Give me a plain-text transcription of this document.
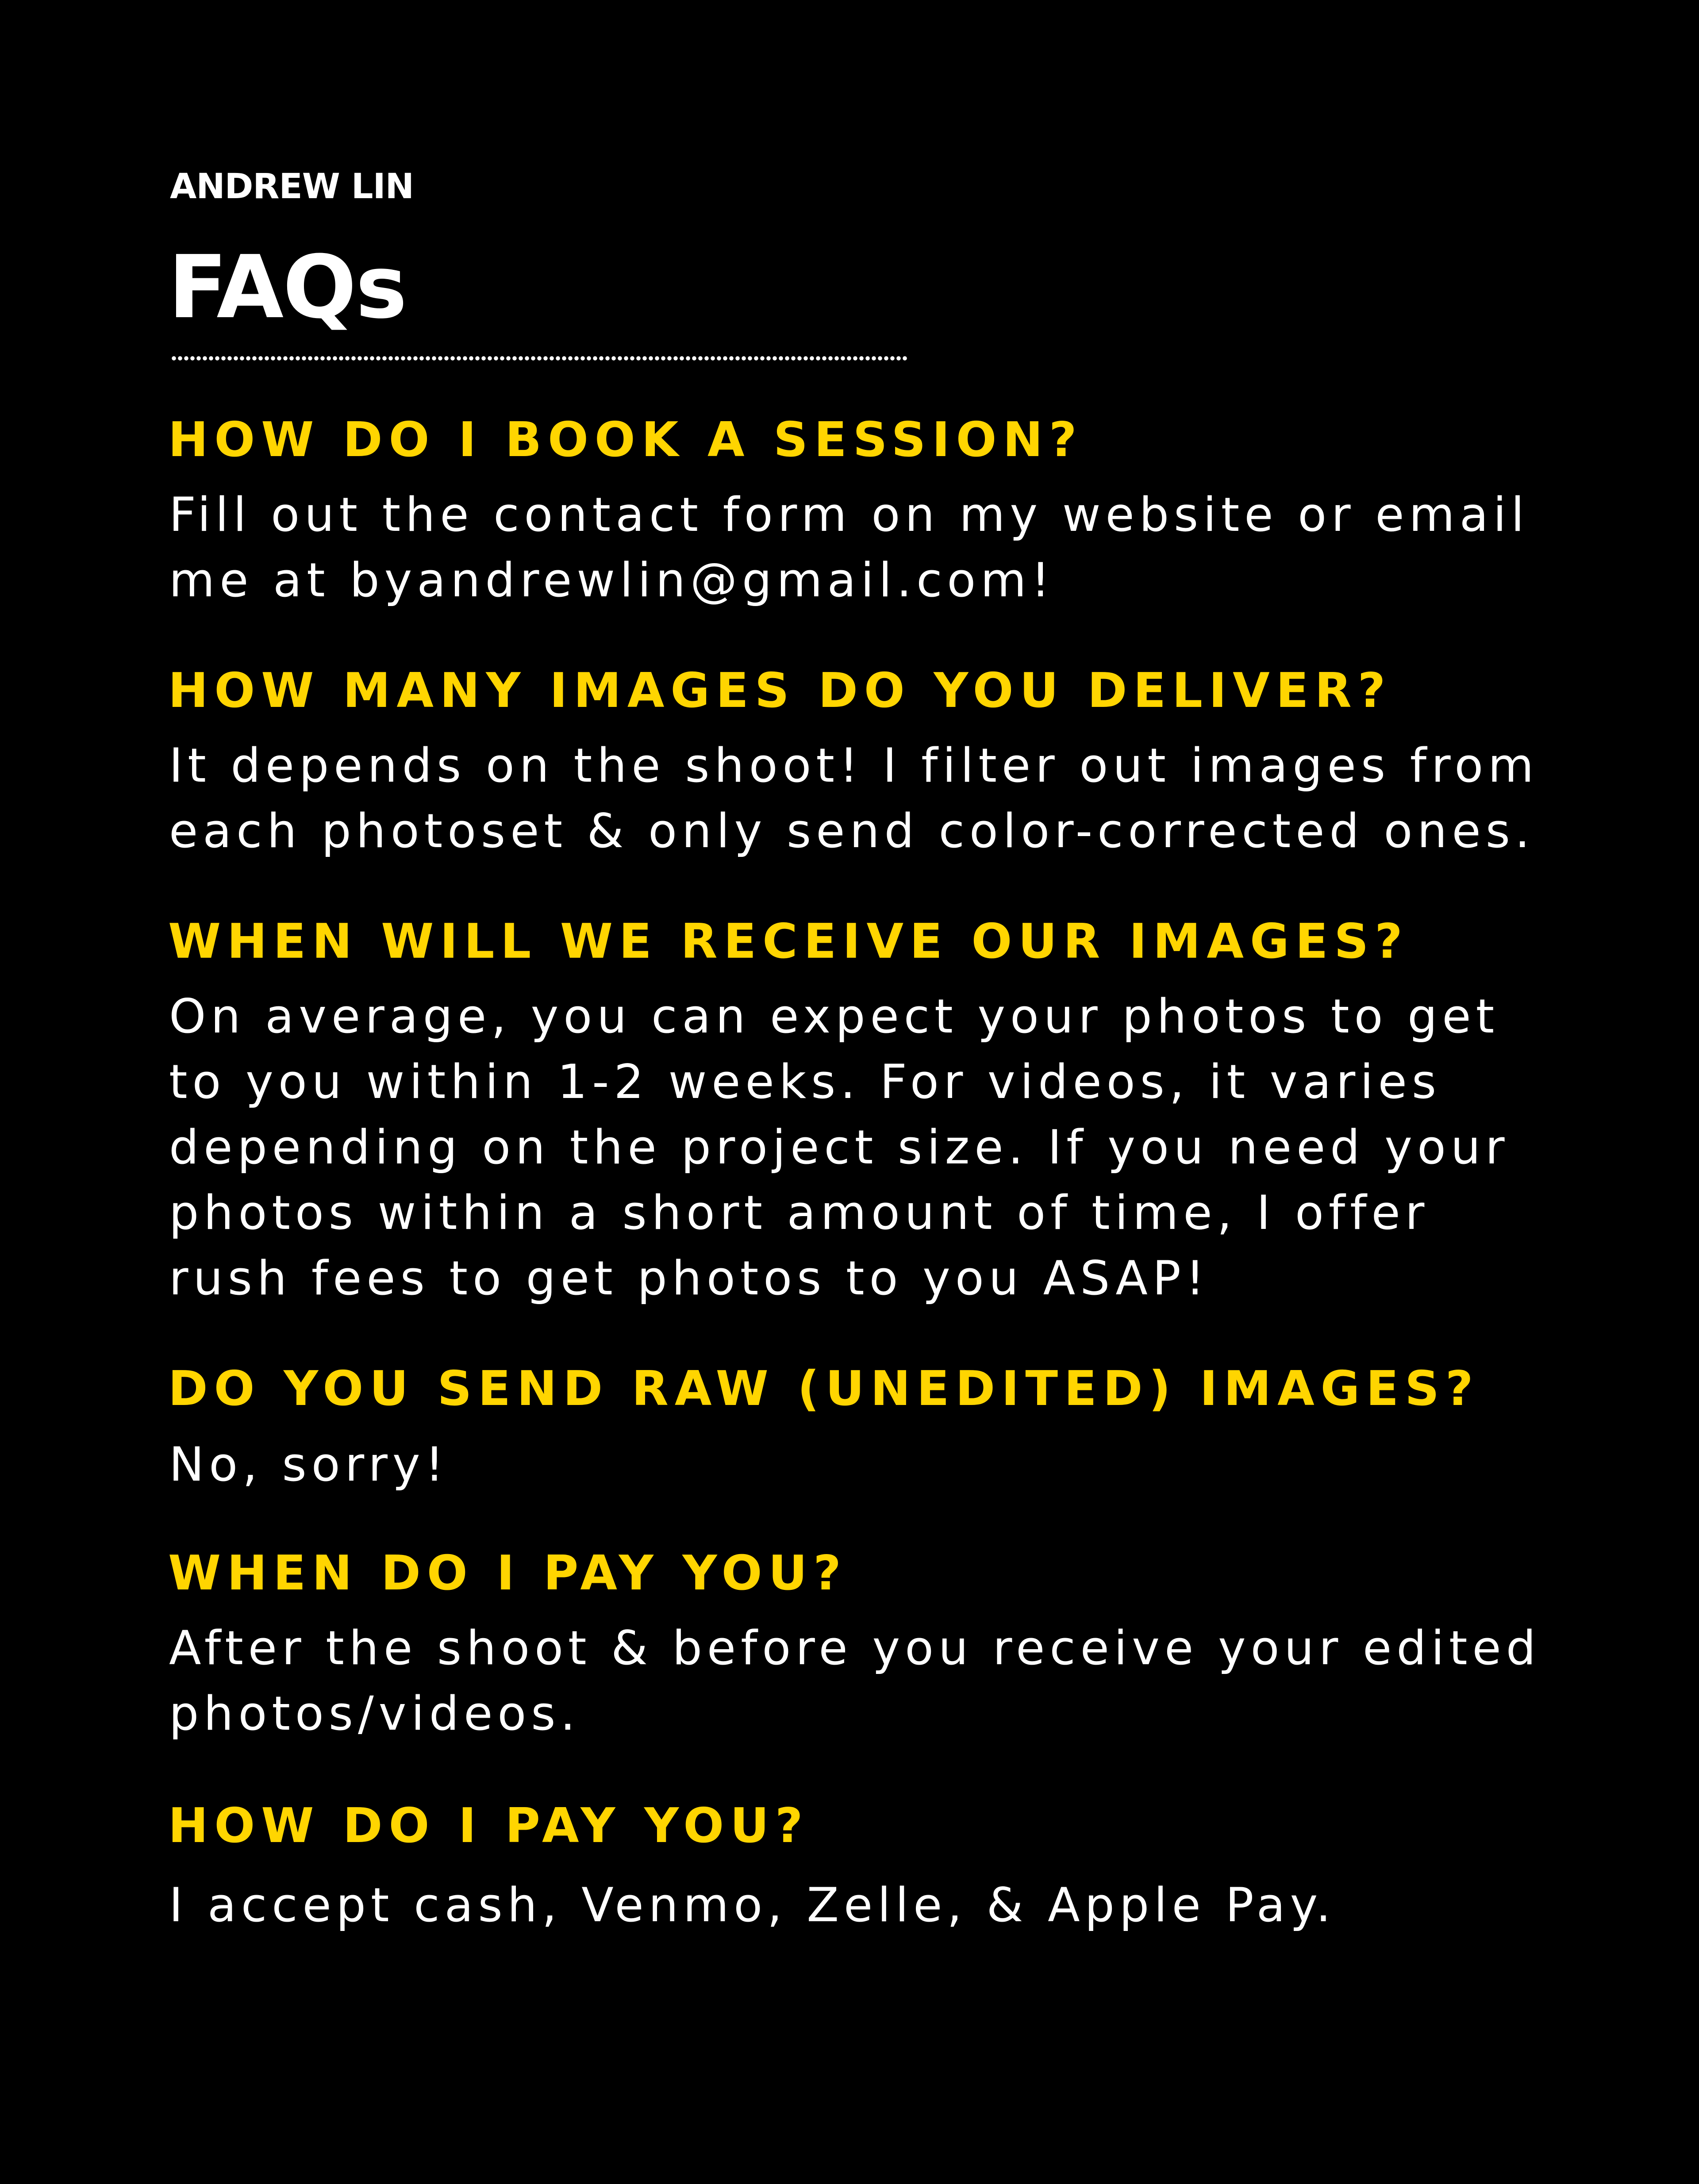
ANDREW LIN
FAQs
HOW DO I BOOK A SESSION?

Fill out the contact form on my website or email
me at byandrewlin@gmail.com!

HOW MANY IMAGES DO YOU DELIVER?

It depends on the shoot! I filter out images from
each photoset & only send color-corrected ones.

WHEN WILL WE RECEIVE OUR IMAGES?

On average, you can expect your photos to get
to you within 1-2 weeks. For videos, it varies
depending on the project size. If you need your
photos within a short amount of time, I offer
rush fees to get photos to you ASAP!

DO YOU SEND RAW (UNEDITED) IMAGES?

No, sorry!

WHEN DO I PAY YOU?

After the shoot & before you receive your edited
photos/videos.

HOW DO I PAY YOU?

I accept cash, Venmo, Zelle, & Apple Pay.
